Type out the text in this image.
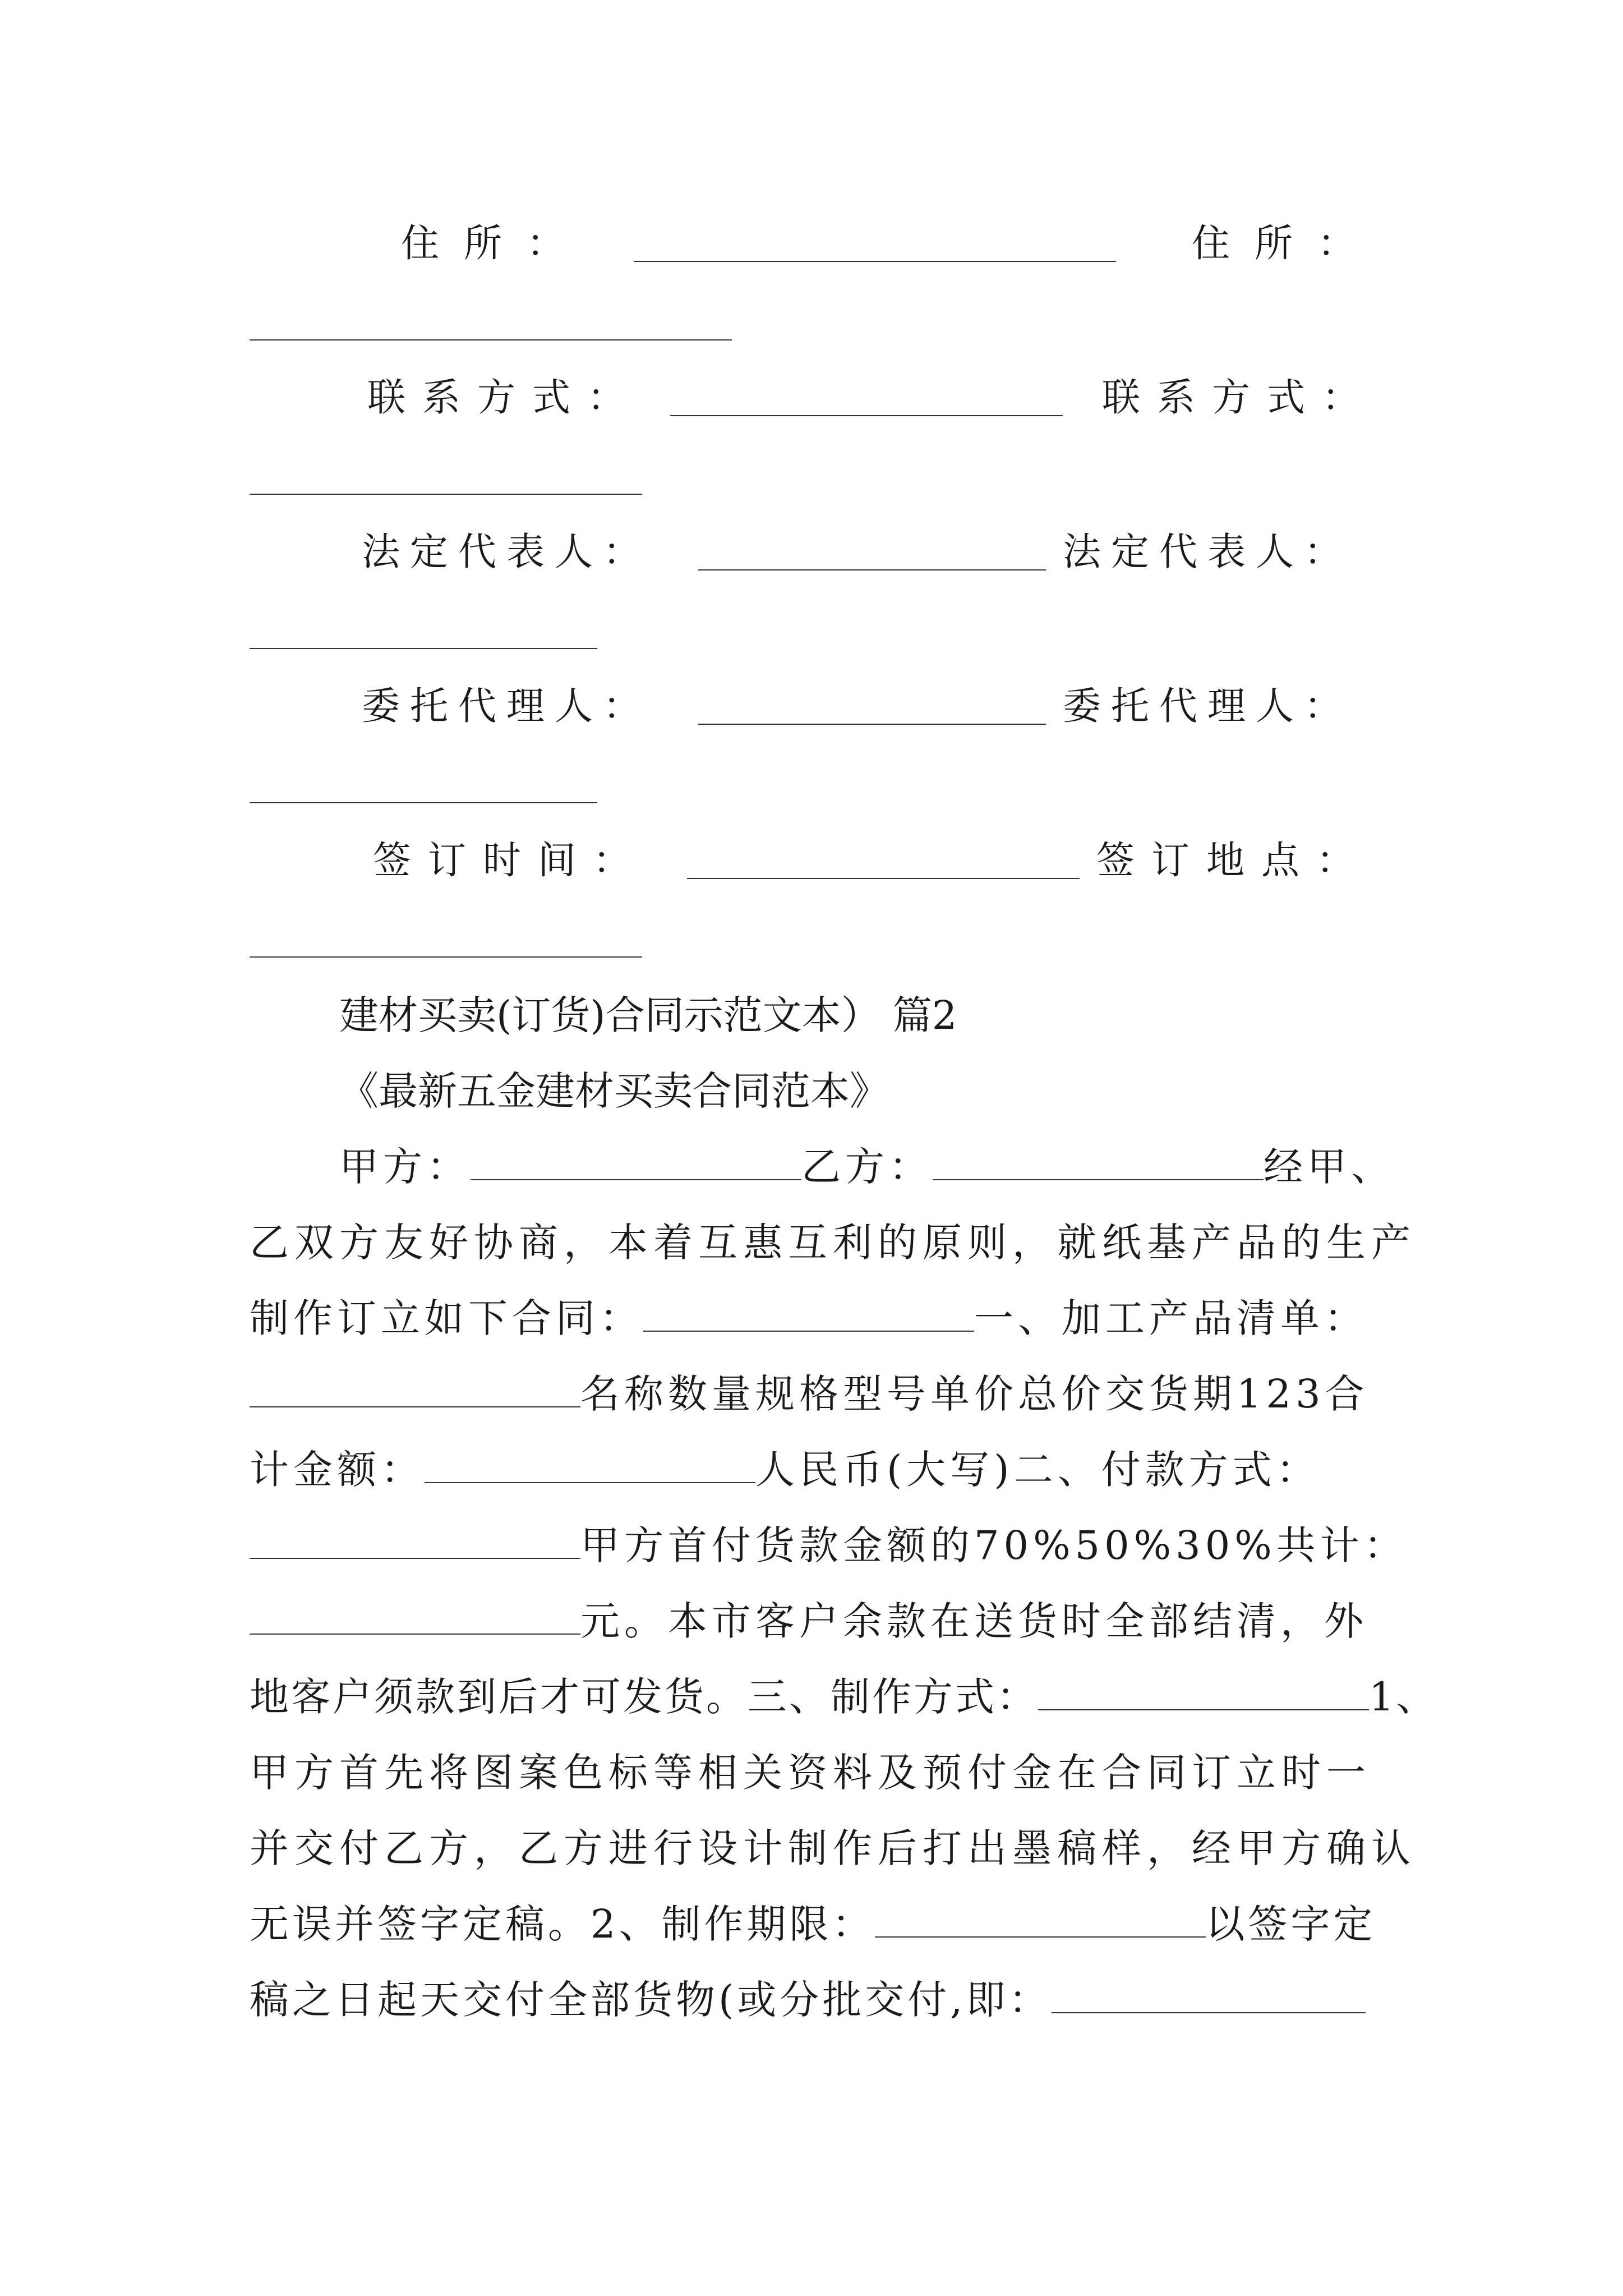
住所：	住所：
联系方式：	联系方式：
法定代表人：	法定代表人：
委托代理人：	委托代理人：
签订时间：	签订地点：
建材买卖(订货)合同示范文本） 篇2
《最新五金建材买卖合同范本》
甲方：	乙方：	经甲、
乙双方友好协商，本着互惠互利的原则，就纸基产品的生产
制作订立如下合同：	一、加工产品清单：
名称数量规格型号单价总价交货期123合
计金额：	人民币(大写)二、付款方式：
甲方首付货款金额的70%50%30%共计：
元。本市客户余款在送货时全部结清，外
地客户须款到后才可发货。三、制作方式：	1、
甲方首先将图案色标等相关资料及预付金在合同订立时一
并交付乙方，乙方进行设计制作后打出墨稿样，经甲方确认
无误并签字定稿。2、制作期限：	以签字定
稿之日起天交付全部货物(或分批交付,即：
